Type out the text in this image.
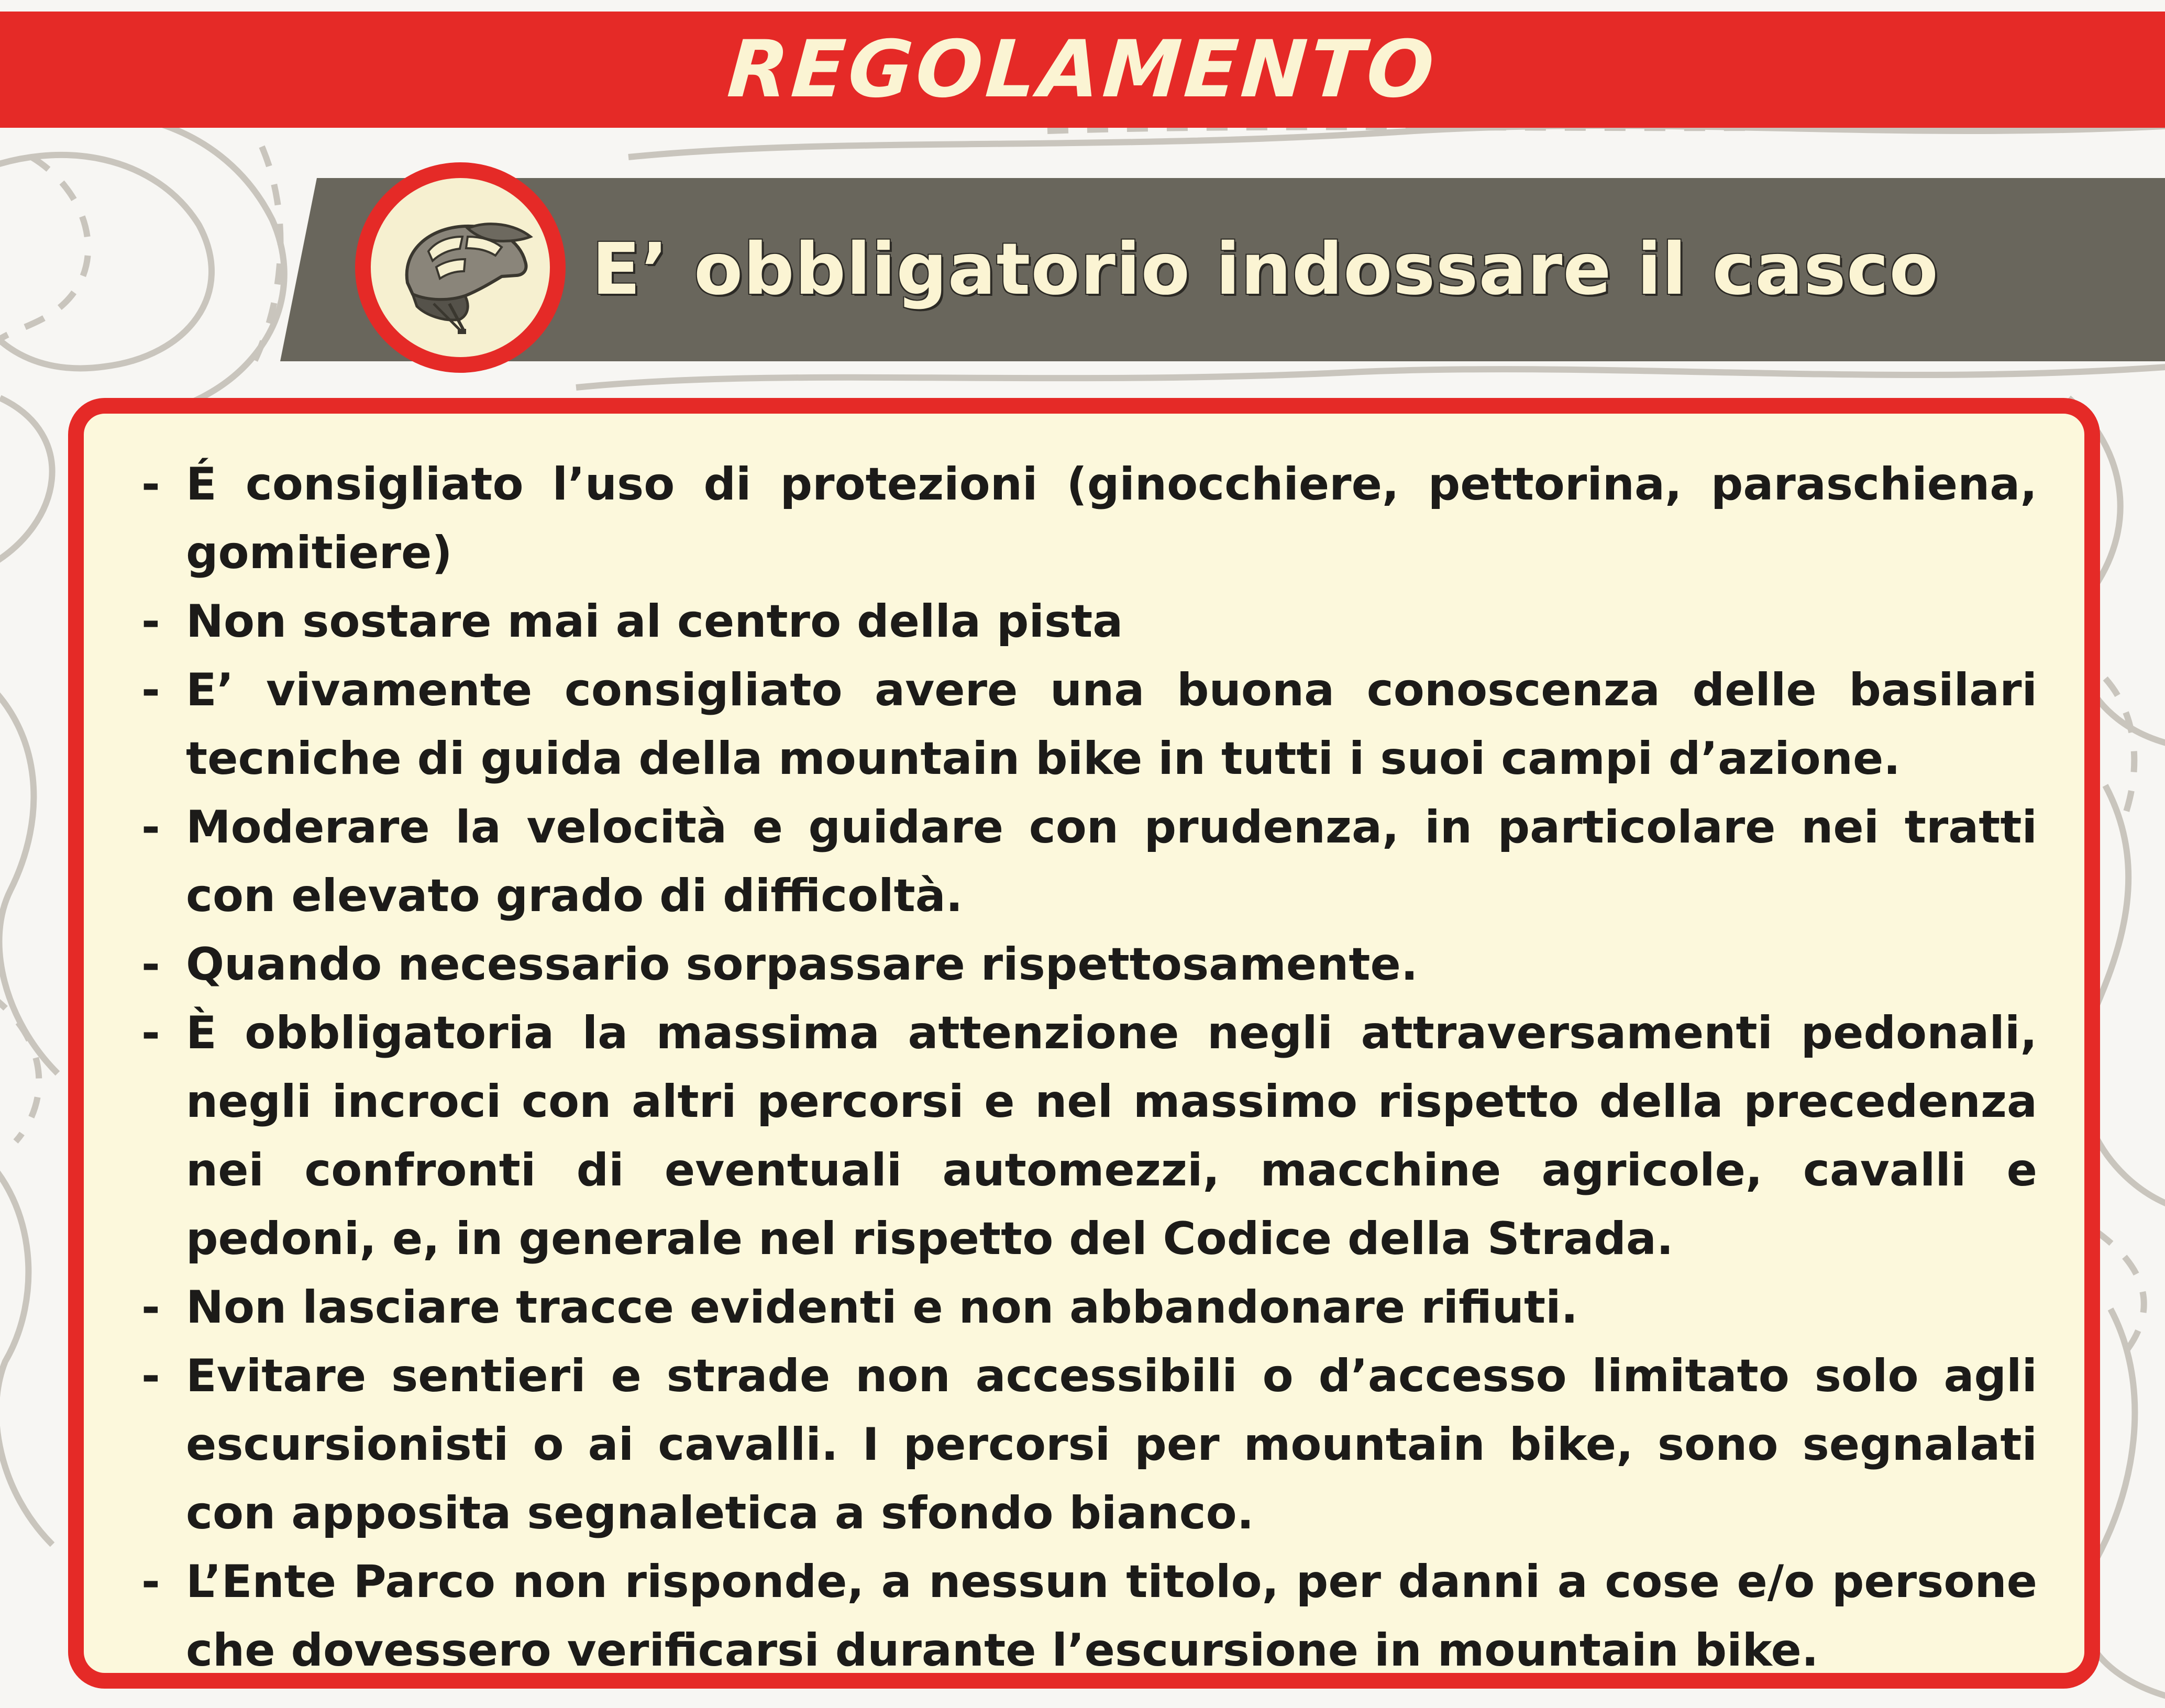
REGOLAMENTO
E’ obbligatorio indossare il casco
- É consigliato l’uso di protezioni (ginocchiere, pettorina, paraschiena, gomitiere)
- Non sostare mai al centro della pista
- E’ vivamente consigliato avere una buona conoscenza delle basilari tecniche di guida della mountain bike in tutti i suoi campi d’azione.
- Moderare la velocità e guidare con prudenza, in particolare nei tratti con elevato grado di difficoltà.
- Quando necessario sorpassare rispettosamente.
- È obbligatoria la massima attenzione negli attraversamenti pedonali, negli incroci con altri percorsi e nel massimo rispetto della precedenza nei confronti di eventuali automezzi, macchine agricole, cavalli e pedoni, e, in generale nel rispetto del Codice della Strada.
- Non lasciare tracce evidenti e non abbandonare rifiuti.
- Evitare sentieri e strade non accessibili o d’accesso limitato solo agli escursionisti o ai cavalli. I percorsi per mountain bike, sono segnalati con apposita segnaletica a sfondo bianco.
- L’Ente Parco non risponde, a nessun titolo, per danni a cose e/o persone che dovessero verificarsi durante l’escursione in mountain bike.
